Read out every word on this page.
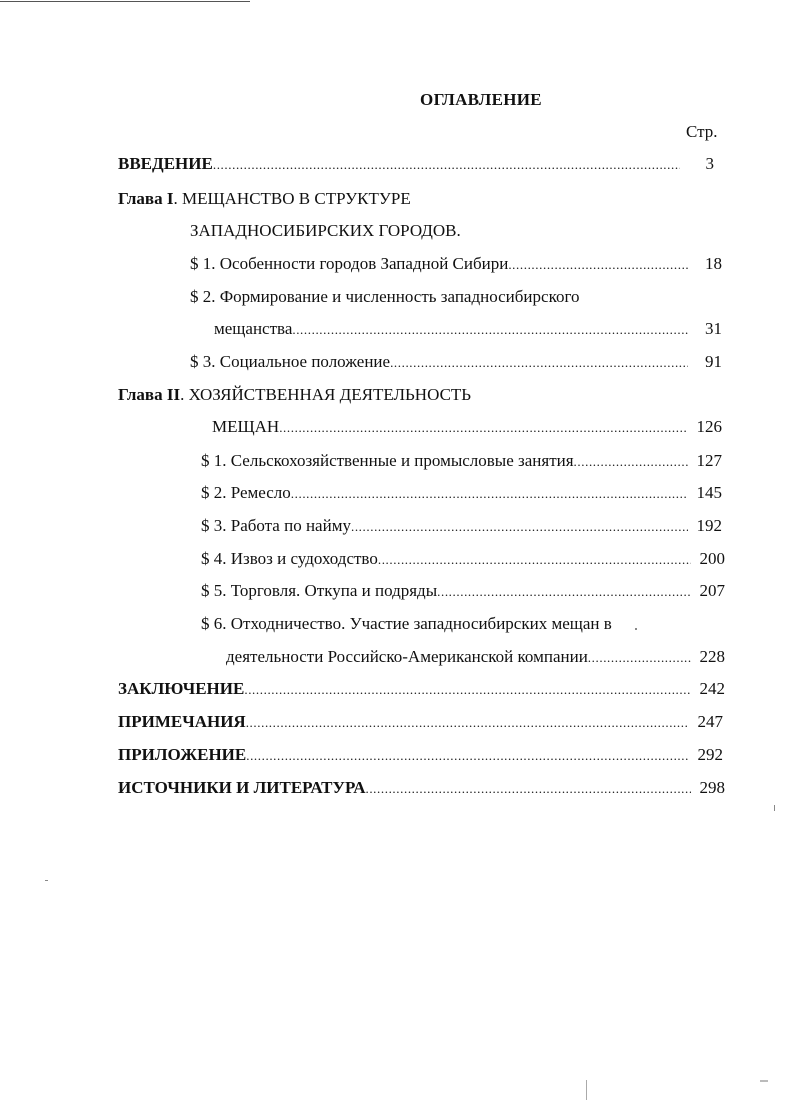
ОГЛАВЛЕНИЕ
Стр.
ВВЕДЕНИЕ .....	3
Глава I. МЕЩАНСТВО В СТРУКТУРЕ
ЗАПАДНОСИБИРСКИХ ГОРОДОВ.
$ 1. Особенности городов Западной Сибири .....	18
$ 2. Формирование и численность западносибирского
мещанства .....	31
$ 3. Социальное положение .....	91
Глава II. ХОЗЯЙСТВЕННАЯ ДЕЯТЕЛЬНОСТЬ
МЕЩАН .....	126
$ 1. Сельскохозяйственные и промысловые занятия .....	127
$ 2. Ремесло .....	145
$ 3. Работа по найму .....	192
$ 4. Извоз и судоходство .....	200
$ 5. Торговля. Откупа и подряды .....	207
$ 6. Отходничество. Участие западносибирских мещан в
деятельности Российско-Американской компании .....	228
ЗАКЛЮЧЕНИЕ .....	242
ПРИМЕЧАНИЯ .....	247
ПРИЛОЖЕНИЕ .....	292
ИСТОЧНИКИ И ЛИТЕРАТУРА .....	298
